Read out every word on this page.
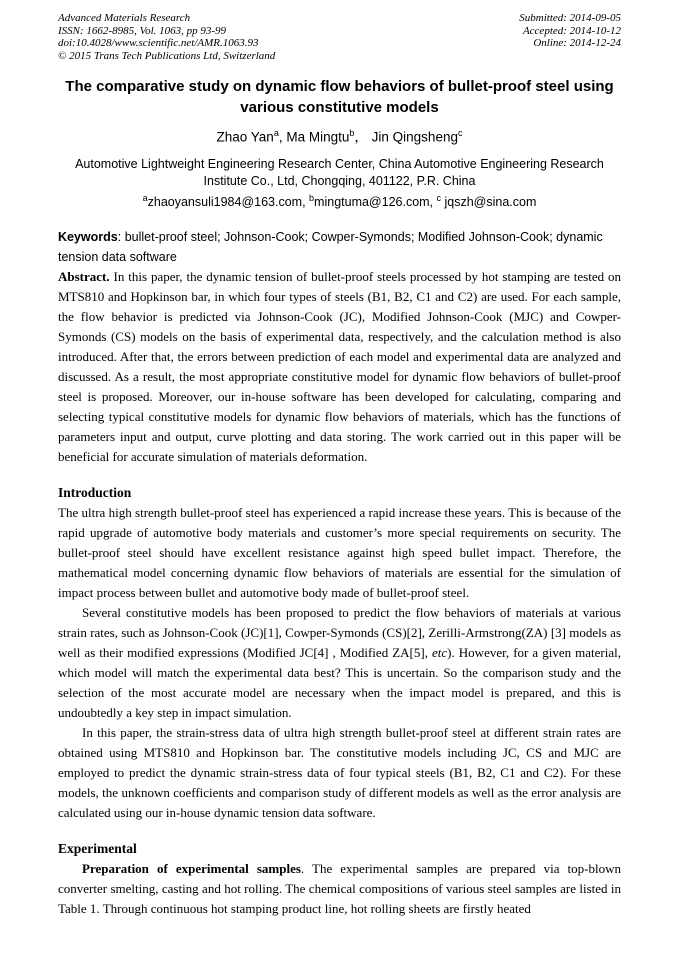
Advanced Materials Research
ISSN: 1662-8985, Vol. 1063, pp 93-99
doi:10.4028/www.scientific.net/AMR.1063.93
© 2015 Trans Tech Publications Ltd, Switzerland
Submitted: 2014-09-05
Accepted: 2014-10-12
Online: 2014-12-24
The comparative study on dynamic flow behaviors of bullet-proof steel using various constitutive models
Zhao Yan$^a$, Ma Mingtu$^b$， Jin Qingsheng$^c$
Automotive Lightweight Engineering Research Center, China Automotive Engineering Research
Institute Co., Ltd, Chongqing, 401122, P.R. China
$^a$zhaoyansuli1984@163.com, $^b$mingtuma@126.com, $^c$ jqszh@sina.com
Keywords: bullet-proof steel; Johnson-Cook; Cowper-Symonds; Modified Johnson-Cook; dynamic tension data software

Abstract. In this paper, the dynamic tension of bullet-proof steels processed by hot stamping are tested on MTS810 and Hopkinson bar, in which four types of steels (B1, B2, C1 and C2) are used. For each sample, the flow behavior is predicted via Johnson-Cook (JC), Modified Johnson-Cook (MJC) and Cowper-Symonds (CS) models on the basis of experimental data, respectively, and the calculation method is also introduced. After that, the errors between prediction of each model and experimental data are analyzed and discussed. As a result, the most appropriate constitutive model for dynamic flow behaviors of bullet-proof steel is proposed. Moreover, our in-house software has been developed for calculating, comparing and selecting typical constitutive models for dynamic flow behaviors of materials, which has the functions of parameters input and output, curve plotting and data storing. The work carried out in this paper will be beneficial for accurate simulation of materials deformation.

Introduction

The ultra high strength bullet-proof steel has experienced a rapid increase these years. This is because of the rapid upgrade of automotive body materials and customer’s more special requirements on security. The bullet-proof steel should have excellent resistance against high speed bullet impact. Therefore, the mathematical model concerning dynamic flow behaviors of materials are essential for the simulation of impact process between bullet and automotive body made of bullet-proof steel.

Several constitutive models has been proposed to predict the flow behaviors of materials at various strain rates, such as Johnson-Cook (JC)[1], Cowper-Symonds (CS)[2], Zerilli-Armstrong(ZA) [3] models as well as their modified expressions (Modified JC[4] , Modified ZA[5], etc). However, for a given material, which model will match the experimental data best? This is uncertain. So the comparison study and the selection of the most accurate model are necessary when the impact model is prepared, and this is undoubtedly a key step in impact simulation.

In this paper, the strain-stress data of ultra high strength bullet-proof steel at different strain rates are obtained using MTS810 and Hopkinson bar. The constitutive models including JC, CS and MJC are employed to predict the dynamic strain-stress data of four typical steels (B1, B2, C1 and C2). For these models, the unknown coefficients and comparison study of different models as well as the error analysis are calculated using our in-house dynamic tension data software.

Experimental

Preparation of experimental samples. The experimental samples are prepared via top-blown converter smelting, casting and hot rolling. The chemical compositions of various steel samples are listed in Table 1. Through continuous hot stamping product line, hot rolling sheets are firstly heated
